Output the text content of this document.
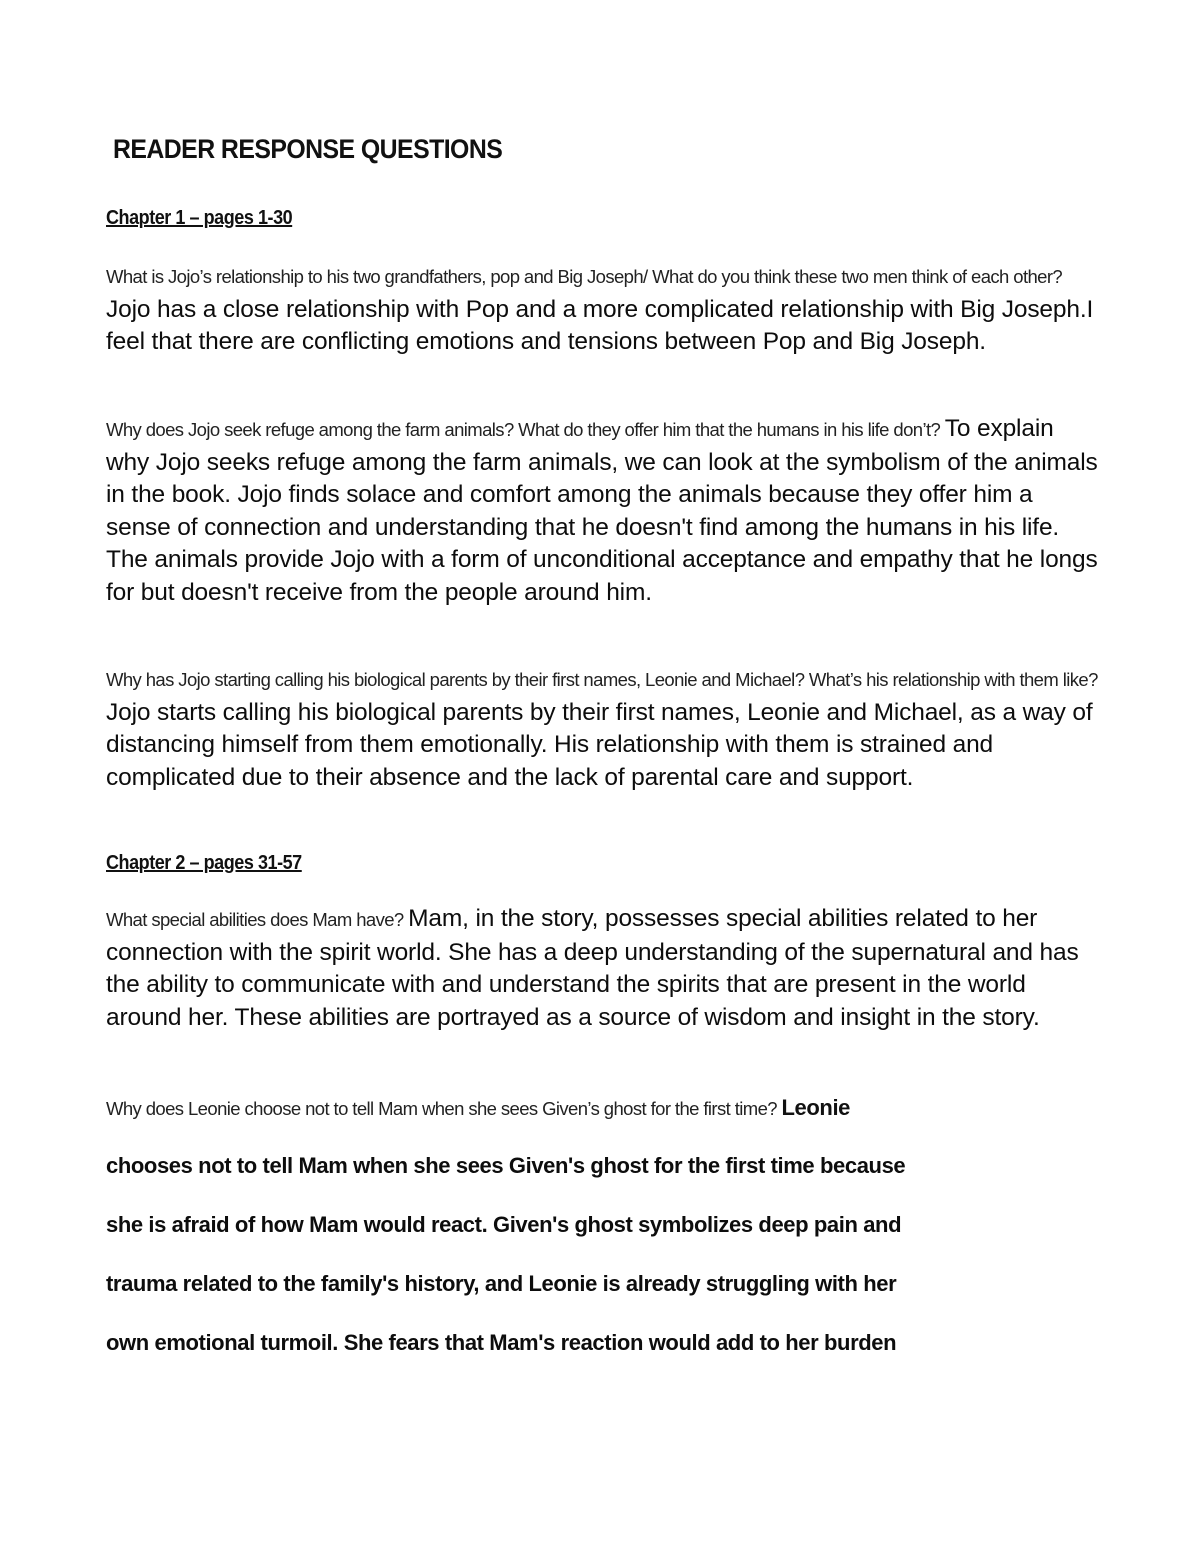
READER RESPONSE QUESTIONS
Chapter 1 – pages 1-30
What is Jojo’s relationship to his two grandfathers, pop and Big Joseph/ What do you think these two men think of each other?Jojo has a close relationship with Pop and a more complicated relationship with Big Joseph.I feel that there are conflicting emotions and tensions between Pop and Big Joseph.
Why does Jojo seek refuge among the farm animals? What do they offer him that the humans in his life don’t? To explain why Jojo seeks refuge among the farm animals, we can look at the symbolism of the animals in the book. Jojo finds solace and comfort among the animals because they offer him a sense of connection and understanding that he doesn't find among the humans in his life. The animals provide Jojo with a form of unconditional acceptance and empathy that he longs for but doesn't receive from the people around him.
Why has Jojo starting calling his biological parents by their first names, Leonie and Michael? What’s his relationship with them like? Jojo starts calling his biological parents by their first names, Leonie and Michael, as a way of distancing himself from them emotionally. His relationship with them is strained and complicated due to their absence and the lack of parental care and support.
Chapter 2 – pages 31-57
What special abilities does Mam have? Mam, in the story, possesses special abilities related to her connection with the spirit world. She has a deep understanding of the supernatural and has the ability to communicate with and understand the spirits that are present in the world around her. These abilities are portrayed as a source of wisdom and insight in the story.
Why does Leonie choose not to tell Mam when she sees Given’s ghost for the first time? Leonie
chooses not to tell Mam when she sees Given's ghost for the first time because
she is afraid of how Mam would react. Given's ghost symbolizes deep pain and
trauma related to the family's history, and Leonie is already struggling with her
own emotional turmoil. She fears that Mam's reaction would add to her burden
